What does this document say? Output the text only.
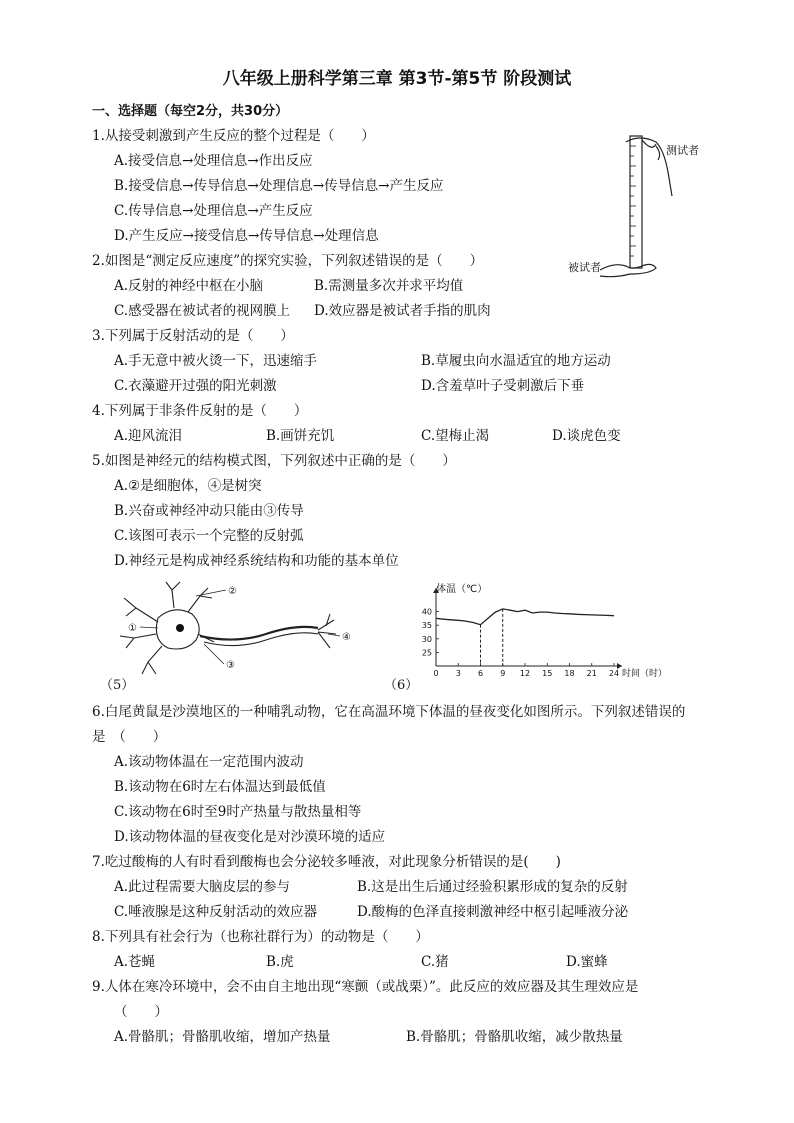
八年级上册科学第三章 第3节-第5节 阶段测试
一、选择题（每空2分，共30分）
1.从接受刺激到产生反应的整个过程是（　　）
A.接受信息→处理信息→作出反应
B.接受信息→传导信息→处理信息→传导信息→产生反应
C.传导信息→处理信息→产生反应
D.产生反应→接受信息→传导信息→处理信息
2.如图是“测定反应速度”的探究实验，下列叙述错误的是（　　）
A.反射的神经中枢在小脑	B.需测量多次并求平均值
C.感受器在被试者的视网膜上 D.效应器是被试者手指的肌肉
3.下列属于反射活动的是（　　）
A.手无意中被火烫一下，迅速缩手	B.草履虫向水温适宜的地方运动
C.衣藻避开过强的阳光刺激	D.含羞草叶子受刺激后下垂
4.下列属于非条件反射的是（　　）
A.迎风流泪	B.画饼充饥	C.望梅止渴	D.谈虎色变
5.如图是神经元的结构模式图，下列叙述中正确的是（　　）
A.②是细胞体，④是树突
B.兴奋或神经冲动只能由③传导
C.该图可表示一个完整的反射弧
D.神经元是构成神经系统结构和功能的基本单位
测试者
被试者
②
①
③
④
（5）
0 3 6 9 12 15 18 21 24
25
30
35
40
体温（℃）
时间（时）
（6）
6.白尾黄鼠是沙漠地区的一种哺乳动物，它在高温环境下体温的昼夜变化如图所示。下列叙述错误的
是　（　　）
A.该动物体温在一定范围内波动
B.该动物在6时左右体温达到最低值
C.该动物在6时至9时产热量与散热量相等
D.该动物体温的昼夜变化是对沙漠环境的适应
7.吃过酸梅的人有时看到酸梅也会分泌较多唾液，对此现象分析错误的是(　　)
A.此过程需要大脑皮层的参与	B.这是出生后通过经验积累形成的复杂的反射
C.唾液腺是这种反射活动的效应器	D.酸梅的色泽直接刺激神经中枢引起唾液分泌
8.下列具有社会行为（也称社群行为）的动物是（　　）
A.苍蝇	B.虎	C.猪	D.蜜蜂
9.人体在寒冷环境中，会不由自主地出现“寒颤（或战栗）”。此反应的效应器及其生理效应是
（　　）
A.骨骼肌；骨骼肌收缩，增加产热量	B.骨骼肌；骨骼肌收缩，减少散热量
